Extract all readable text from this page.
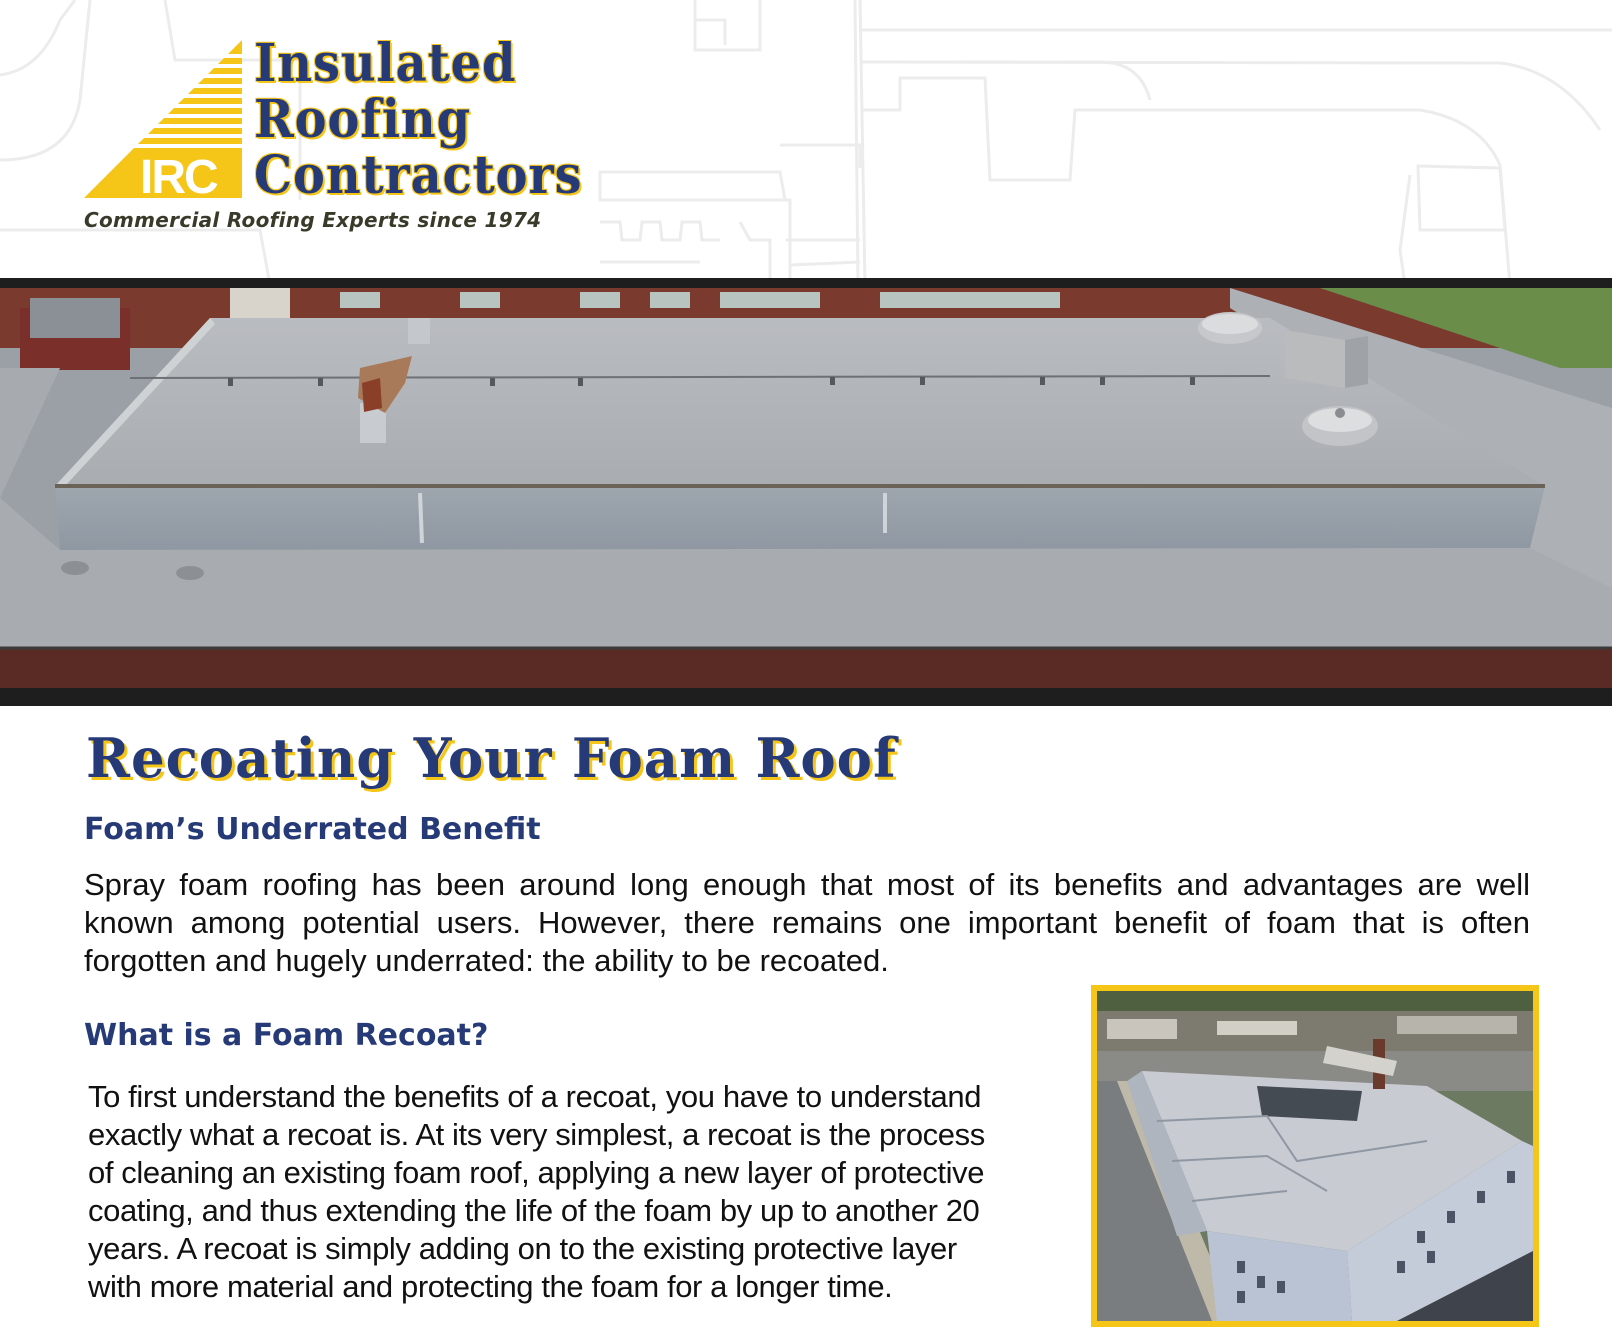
IRC
Insulated
Roofing
Contractors
Commercial Roofing Experts since 1974
Recoating Your Foam Roof
Foam’s Underrated Benefit
Spray foam roofing has been around long enough that most of its benefits and advantages are well
known among potential users. However, there remains one important benefit of foam that is often
forgotten and hugely underrated: the ability to be recoated.
What is a Foam Recoat?
To first understand the benefits of a recoat, you have to understand
exactly what a recoat is. At its very simplest, a recoat is the process
of cleaning an existing foam roof, applying a new layer of protective
coating, and thus extending the life of the foam by up to another 20
years. A recoat is simply adding on to the existing protective layer
with more material and protecting the foam for a longer time.
